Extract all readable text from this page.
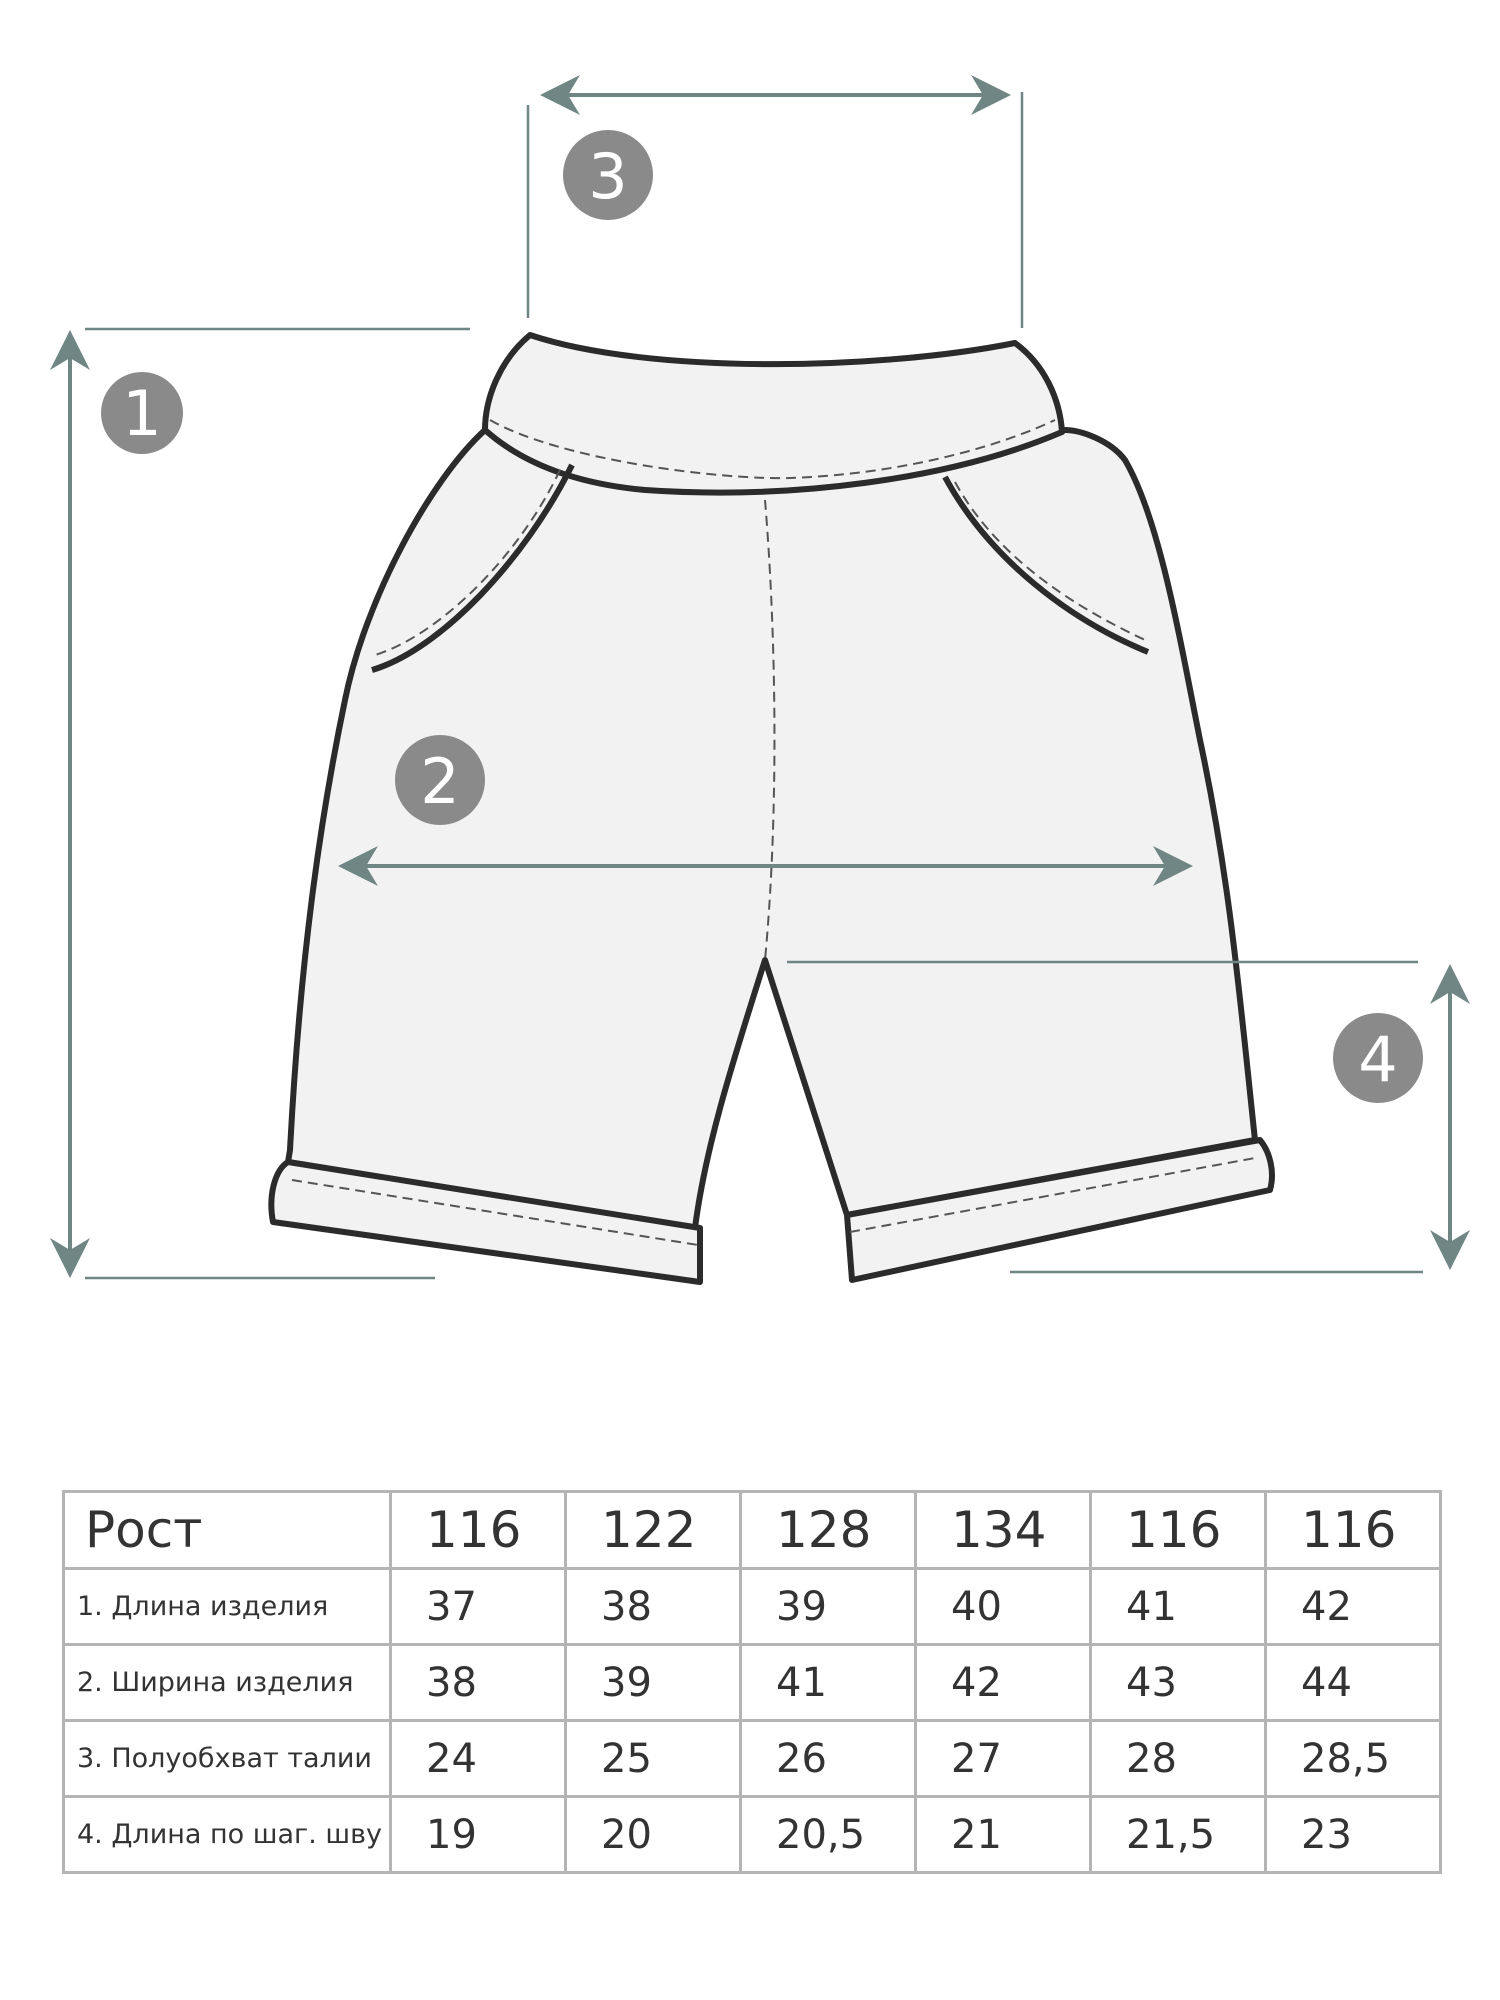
1
2
3
4
Рост	116	122	128	134	116	116
1. Длина изделия	37	38	39	40	41	42
2. Ширина изделия	38	39	41	42	43	44
3. Полуобхват талии	24	25	26	27	28	28,5
4. Длина по шаг. шву	19	20	20,5	21	21,5	23
